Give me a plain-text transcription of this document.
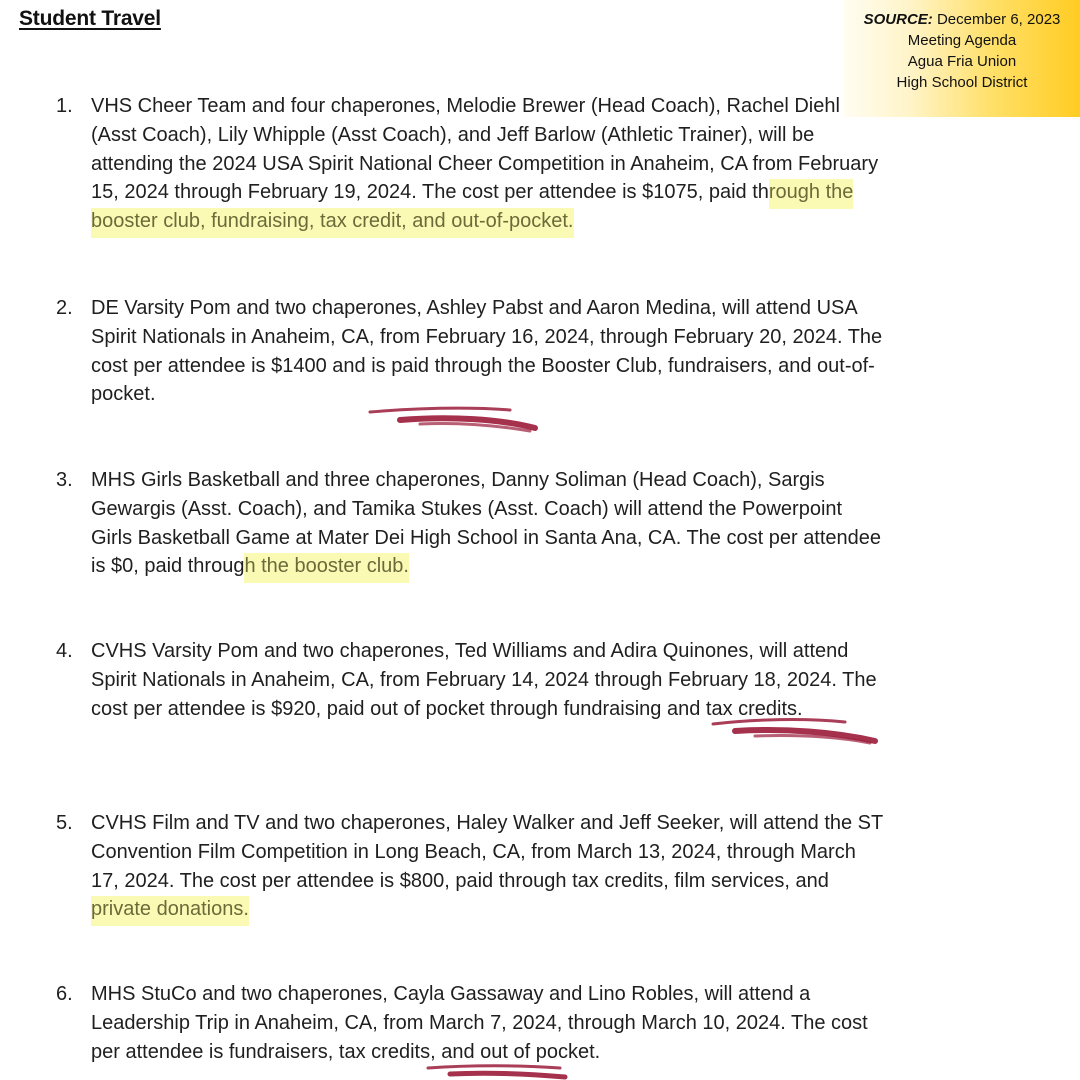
Student Travel	SOURCE: December 6, 2023
Meeting Agenda
Agua Fria Union
High School District
1. VHS Cheer Team and four chaperones, Melodie Brewer (Head Coach), Rachel Diehl (Asst Coach), Lily Whipple (Asst Coach), and Jeff Barlow (Athletic Trainer), will be attending the 2024 USA Spirit National Cheer Competition in Anaheim, CA from February 15, 2024 through February 19, 2024. The cost per attendee is $1075, paid through the booster club, fundraising, tax credit, and out-of-pocket.
2. DE Varsity Pom and two chaperones, Ashley Pabst and Aaron Medina, will attend USA Spirit Nationals in Anaheim, CA, from February 16, 2024, through February 20, 2024. The cost per attendee is $1400 and is paid through the Booster Club, fundraisers, and out-of-pocket.
3. MHS Girls Basketball and three chaperones, Danny Soliman (Head Coach), Sargis Gewargis (Asst. Coach), and Tamika Stukes (Asst. Coach) will attend the Powerpoint Girls Basketball Game at Mater Dei High School in Santa Ana, CA. The cost per attendee is $0, paid through the booster club.
4. CVHS Varsity Pom and two chaperones, Ted Williams and Adira Quinones, will attend Spirit Nationals in Anaheim, CA, from February 14, 2024 through February 18, 2024. The cost per attendee is $920, paid out of pocket through fundraising and tax credits.
5. CVHS Film and TV and two chaperones, Haley Walker and Jeff Seeker, will attend the ST Convention Film Competition in Long Beach, CA, from March 13, 2024, through March 17, 2024. The cost per attendee is $800, paid through tax credits, film services, and private donations.
6. MHS StuCo and two chaperones, Cayla Gassaway and Lino Robles, will attend a Leadership Trip in Anaheim, CA, from March 7, 2024, through March 10, 2024. The cost per attendee is fundraisers, tax credits, and out of pocket.
